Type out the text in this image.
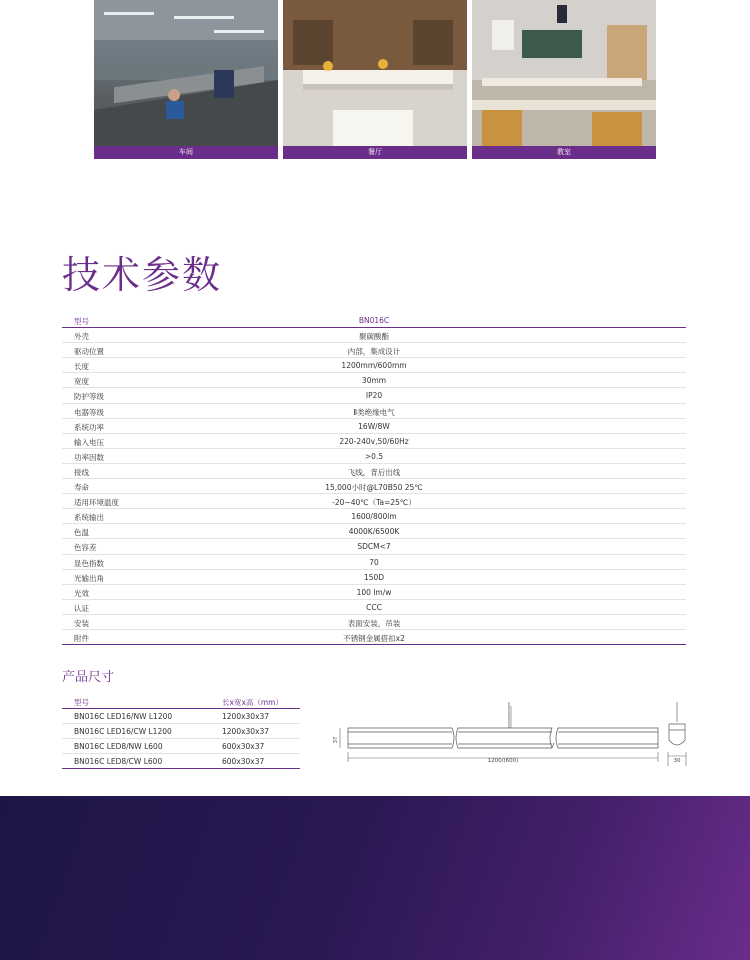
车间	餐厅	教室
技术参数
型号	BN016C
外壳	聚碳酸酯
驱动位置	内部，集成设计
长度	1200mm/600mm
宽度	30mm
防护等级	IP20
电器等级	Ⅱ类绝缘电气
系统功率	16W/8W
输入电压	220-240v,50/60Hz
功率因数	>0.5
接线	飞线，背后出线
寿命	15,000小时@L70B50 25℃
适用环境温度	-20~40℃（Ta=25℃）
系统输出	1600/800lm
色温	4000K/6500K
色容差	SDCM<7
显色指数	70
光输出角	150D
光效	100 lm/w
认证	CCC
安装	表面安装，吊装
附件	不锈钢金属搭扣x2
产品尺寸
型号	长x宽x高（mm）
BN016C LED16/NW L1200	1200x30x37
BN016C LED16/CW L1200	1200x30x37
BN016C LED8/NW L600	600x30x37
BN016C LED8/CW L600	600x30x37
37
1200/(600)	30
